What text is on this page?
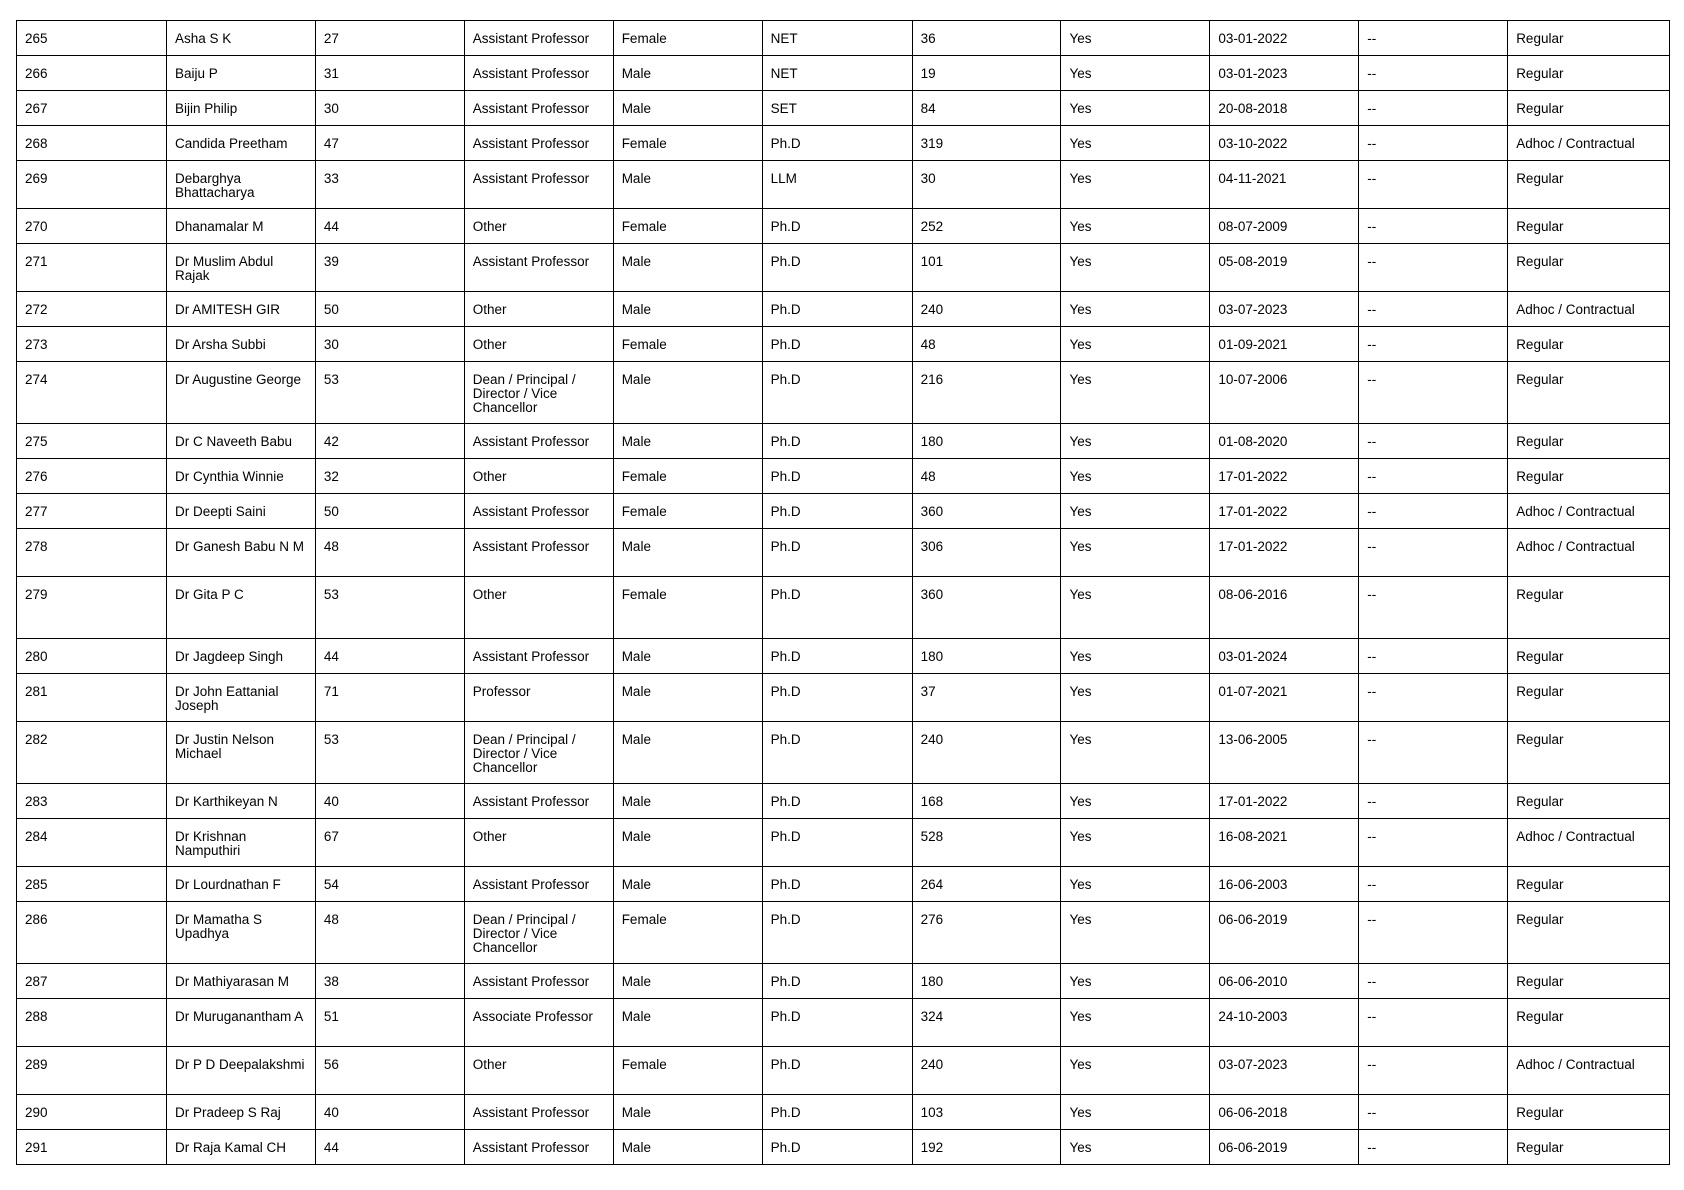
265	Asha S K	27	Assistant Professor	Female	NET	36	Yes	03-01-2022	--	Regular
266	Baiju P	31	Assistant Professor	Male	NET	19	Yes	03-01-2023	--	Regular
267	Bijin Philip	30	Assistant Professor	Male	SET	84	Yes	20-08-2018	--	Regular
268	Candida Preetham	47	Assistant Professor	Female	Ph.D	319	Yes	03-10-2022	--	Adhoc / Contractual
269	Debarghya Bhattacharya	33	Assistant Professor	Male	LLM	30	Yes	04-11-2021	--	Regular
270	Dhanamalar M	44	Other	Female	Ph.D	252	Yes	08-07-2009	--	Regular
271	Dr Muslim Abdul Rajak	39	Assistant Professor	Male	Ph.D	101	Yes	05-08-2019	--	Regular
272	Dr AMITESH GIR	50	Other	Male	Ph.D	240	Yes	03-07-2023	--	Adhoc / Contractual
273	Dr Arsha Subbi	30	Other	Female	Ph.D	48	Yes	01-09-2021	--	Regular
274	Dr Augustine George	53	Dean / Principal / Director / Vice Chancellor	Male	Ph.D	216	Yes	10-07-2006	--	Regular
275	Dr C Naveeth Babu	42	Assistant Professor	Male	Ph.D	180	Yes	01-08-2020	--	Regular
276	Dr Cynthia Winnie	32	Other	Female	Ph.D	48	Yes	17-01-2022	--	Regular
277	Dr Deepti Saini	50	Assistant Professor	Female	Ph.D	360	Yes	17-01-2022	--	Adhoc / Contractual
278	Dr Ganesh Babu N M	48	Assistant Professor	Male	Ph.D	306	Yes	17-01-2022	--	Adhoc / Contractual
279	Dr Gita P C	53	Other	Female	Ph.D	360	Yes	08-06-2016	--	Regular
280	Dr Jagdeep Singh	44	Assistant Professor	Male	Ph.D	180	Yes	03-01-2024	--	Regular
281	Dr John Eattanial Joseph	71	Professor	Male	Ph.D	37	Yes	01-07-2021	--	Regular
282	Dr Justin Nelson Michael	53	Dean / Principal / Director / Vice Chancellor	Male	Ph.D	240	Yes	13-06-2005	--	Regular
283	Dr Karthikeyan N	40	Assistant Professor	Male	Ph.D	168	Yes	17-01-2022	--	Regular
284	Dr Krishnan Namputhiri	67	Other	Male	Ph.D	528	Yes	16-08-2021	--	Adhoc / Contractual
285	Dr Lourdnathan F	54	Assistant Professor	Male	Ph.D	264	Yes	16-06-2003	--	Regular
286	Dr Mamatha S Upadhya	48	Dean / Principal / Director / Vice Chancellor	Female	Ph.D	276	Yes	06-06-2019	--	Regular
287	Dr Mathiyarasan M	38	Assistant Professor	Male	Ph.D	180	Yes	06-06-2010	--	Regular
288	Dr Muruganantham A	51	Associate Professor	Male	Ph.D	324	Yes	24-10-2003	--	Regular
289	Dr P D Deepalakshmi	56	Other	Female	Ph.D	240	Yes	03-07-2023	--	Adhoc / Contractual
290	Dr Pradeep S Raj	40	Assistant Professor	Male	Ph.D	103	Yes	06-06-2018	--	Regular
291	Dr Raja Kamal CH	44	Assistant Professor	Male	Ph.D	192	Yes	06-06-2019	--	Regular
